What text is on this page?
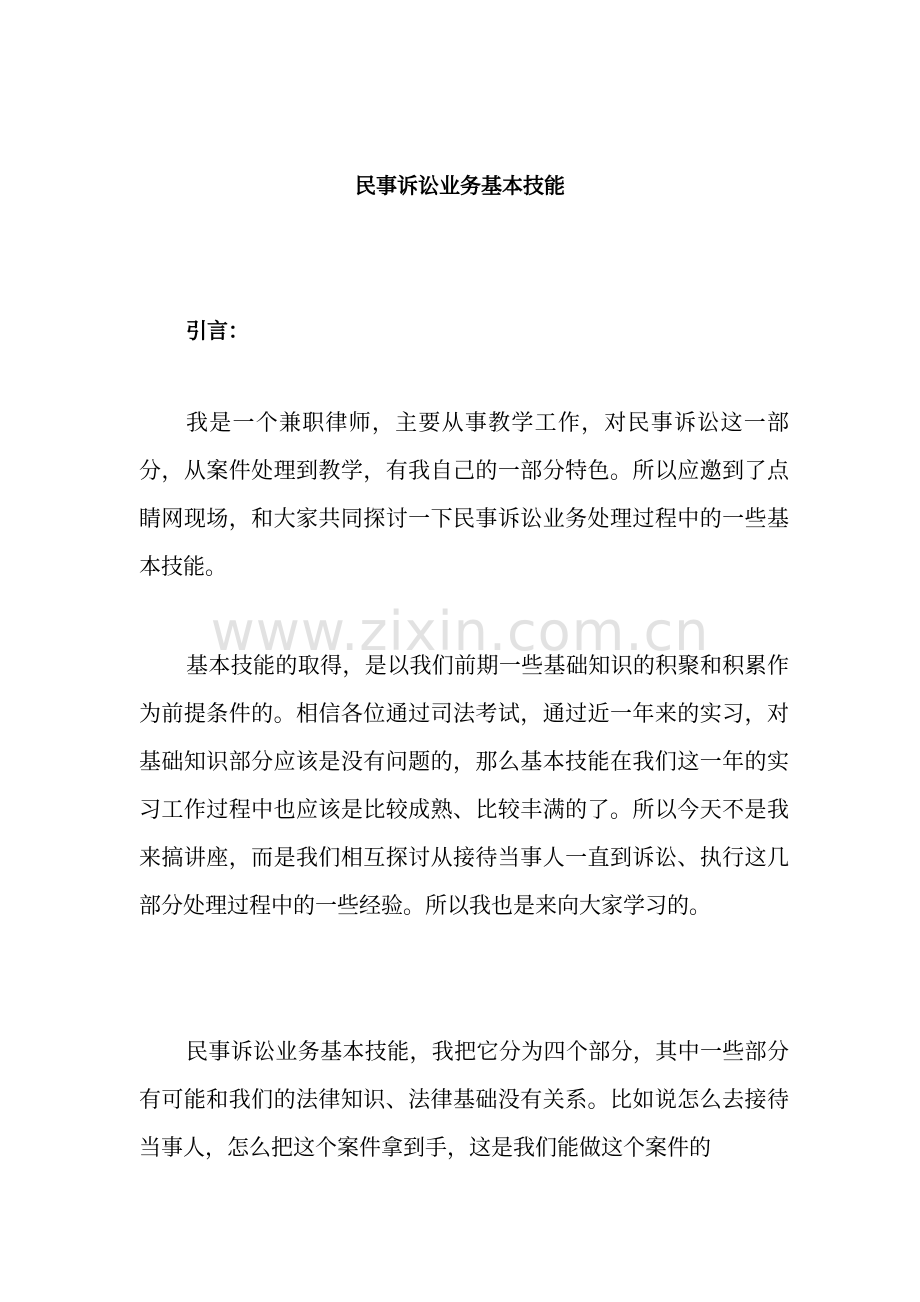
民事诉讼业务基本技能
引言：
我是一个兼职律师，主要从事教学工作，对民事诉讼这一部分，从案件处理到教学，有我自己的一部分特色。所以应邀到了点睛网现场，和大家共同探讨一下民事诉讼业务处理过程中的一些基本技能。
基本技能的取得，是以我们前期一些基础知识的积聚和积累作为前提条件的。相信各位通过司法考试，通过近一年来的实习，对基础知识部分应该是没有问题的，那么基本技能在我们这一年的实习工作过程中也应该是比较成熟、比较丰满的了。所以今天不是我来搞讲座，而是我们相互探讨从接待当事人一直到诉讼、执行这几部分处理过程中的一些经验。所以我也是来向大家学习的。
民事诉讼业务基本技能，我把它分为四个部分，其中一些部分有可能和我们的法律知识、法律基础没有关系。比如说怎么去接待当事人，怎么把这个案件拿到手，这是我们能做这个案件的
www.zixin.com.cn
